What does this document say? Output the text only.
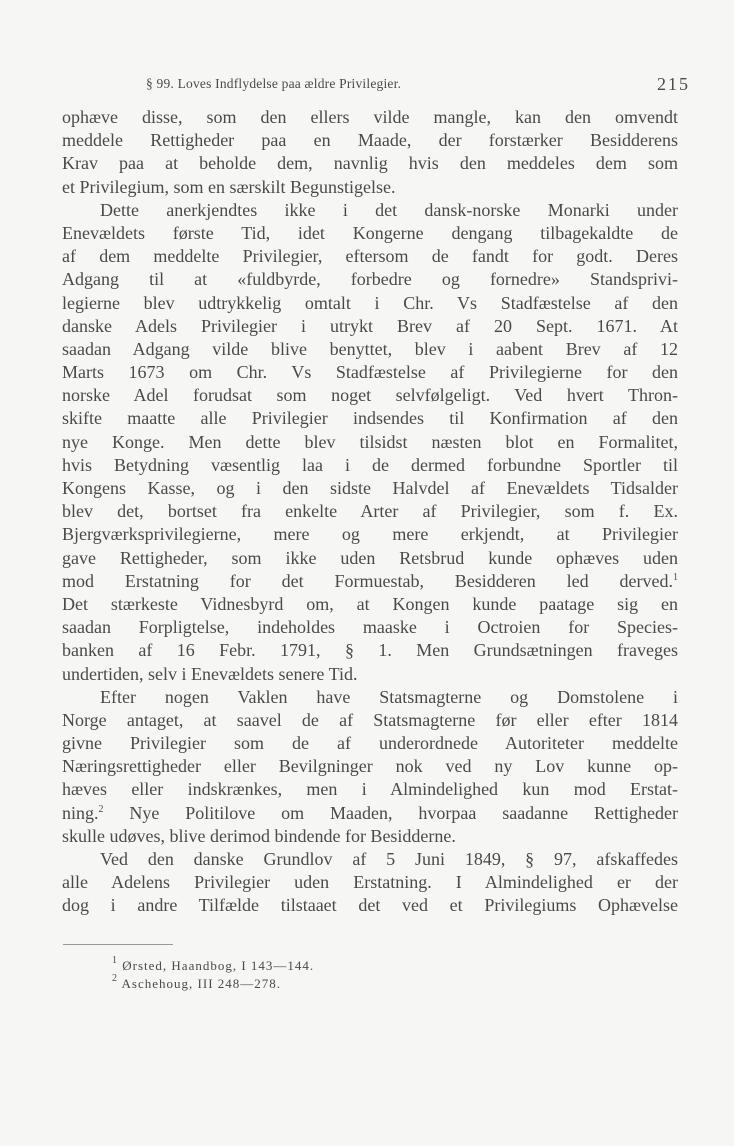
§ 99. Loves Indflydelse paa ældre Privilegier.	215
ophæve disse, som den ellers vilde mangle, kan den omvendt
meddele Rettigheder paa en Maade, der forstærker Besidderens
Krav paa at beholde dem, navnlig hvis den meddeles dem som
et Privilegium, som en særskilt Begunstigelse.
Dette anerkjendtes ikke i det dansk-norske Monarki under
Enevældets første Tid, idet Kongerne dengang tilbagekaldte de
af dem meddelte Privilegier, eftersom de fandt for godt. Deres
Adgang til at «fuldbyrde, forbedre og fornedre» Standsprivi-
legierne blev udtrykkelig omtalt i Chr. Vs Stadfæstelse af den
danske Adels Privilegier i utrykt Brev af 20 Sept. 1671. At
saadan Adgang vilde blive benyttet, blev i aabent Brev af 12
Marts 1673 om Chr. Vs Stadfæstelse af Privilegierne for den
norske Adel forudsat som noget selvfølgeligt. Ved hvert Thron-
skifte maatte alle Privilegier indsendes til Konfirmation af den
nye Konge. Men dette blev tilsidst næsten blot en Formalitet,
hvis Betydning væsentlig laa i de dermed forbundne Sportler til
Kongens Kasse, og i den sidste Halvdel af Enevældets Tidsalder
blev det, bortset fra enkelte Arter af Privilegier, som f. Ex.
Bjergværksprivilegierne, mere og mere erkjendt, at Privilegier
gave Rettigheder, som ikke uden Retsbrud kunde ophæves uden
mod Erstatning for det Formuestab, Besidderen led derved.$^1$
Det stærkeste Vidnesbyrd om, at Kongen kunde paatage sig en
saadan Forpligtelse, indeholdes maaske i Octroien for Species-
banken af 16 Febr. 1791, § 1. Men Grundsætningen fraveges
undertiden, selv i Enevældets senere Tid.
Efter nogen Vaklen have Statsmagterne og Domstolene i
Norge antaget, at saavel de af Statsmagterne før eller efter 1814
givne Privilegier som de af underordnede Autoriteter meddelte
Næringsrettigheder eller Bevilgninger nok ved ny Lov kunne op-
hæves eller indskrænkes, men i Almindelighed kun mod Erstat-
ning.$^2$ Nye Politilove om Maaden, hvorpaa saadanne Rettigheder
skulle udøves, blive derimod bindende for Besidderne.
Ved den danske Grundlov af 5 Juni 1849, § 97, afskaffedes
alle Adelens Privilegier uden Erstatning. I Almindelighed er der
dog i andre Tilfælde tilstaaet det ved et Privilegiums Ophævelse
$^1$ Ørsted, Haandbog, I 143—144.
$^2$ Aschehoug, III 248—278.
